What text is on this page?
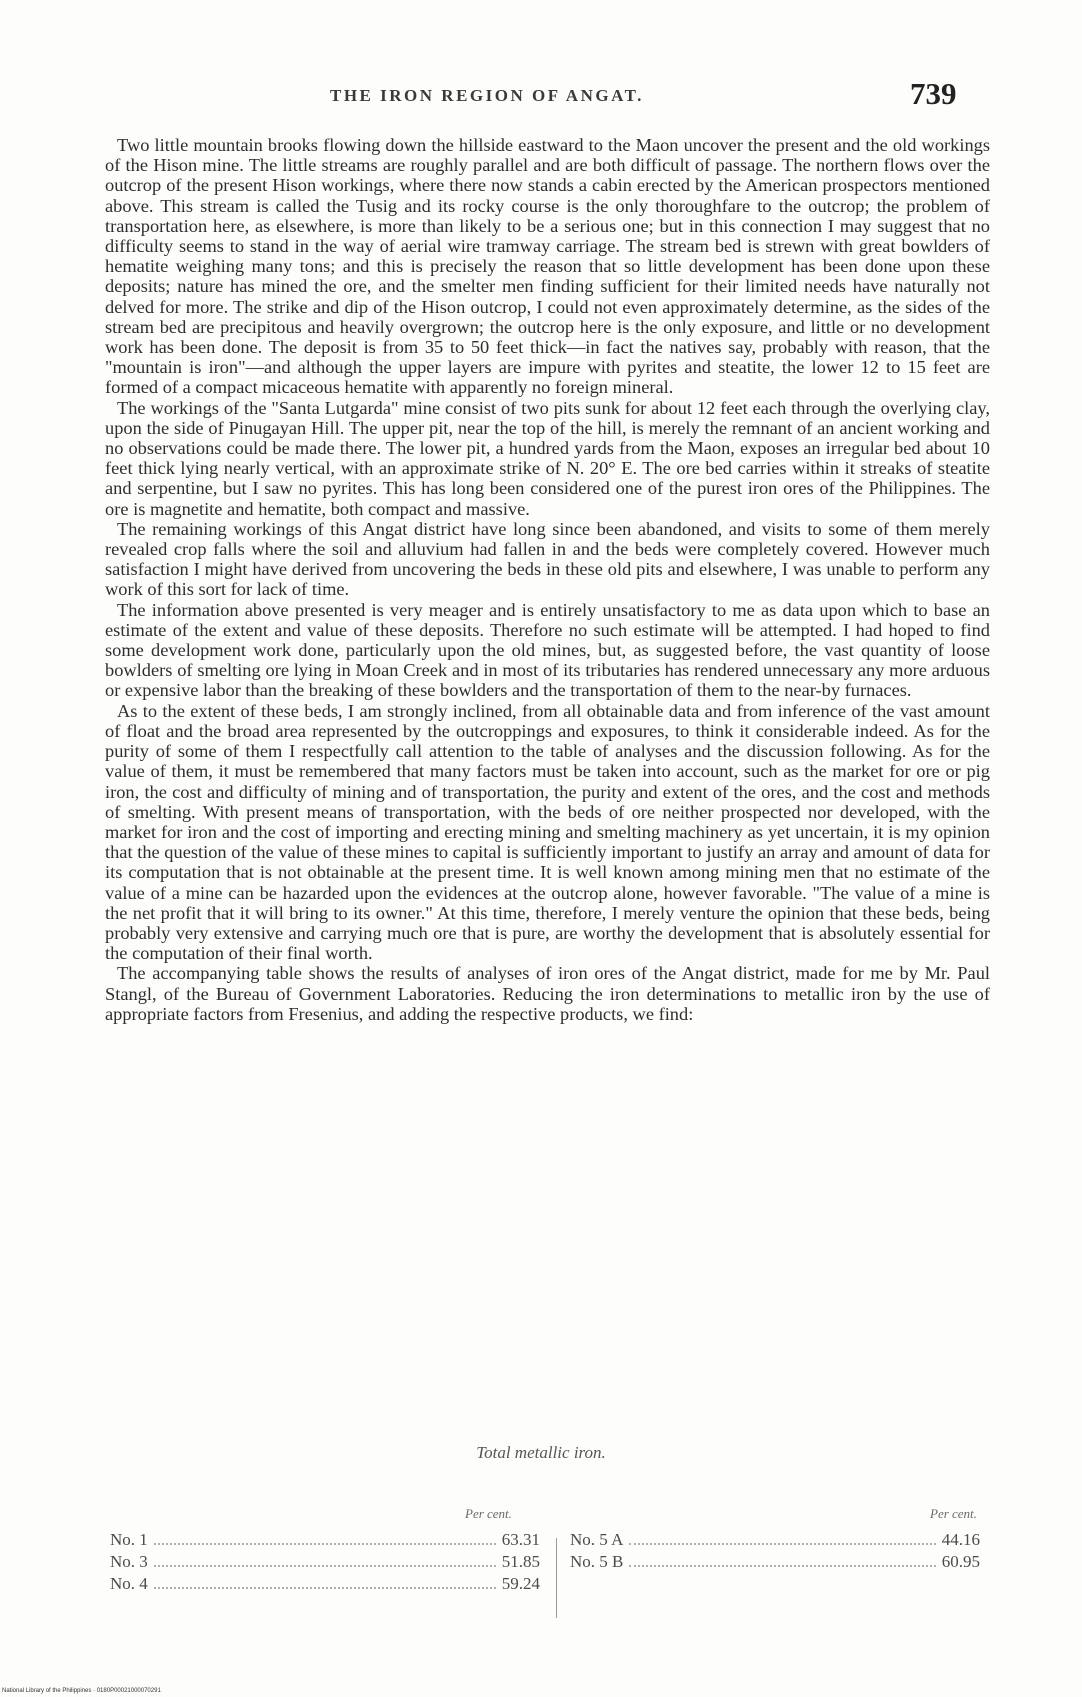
THE IRON REGION OF ANGAT.	739

Two little mountain brooks flowing down the hillside eastward to the Maon uncover the present and the old workings of the Hison mine. The little streams are roughly parallel and are both difficult of passage. The northern flows over the outcrop of the present Hison workings, where there now stands a cabin erected by the American prospectors mentioned above. This stream is called the Tusig and its rocky course is the only thoroughfare to the outcrop; the problem of transportation here, as elsewhere, is more than likely to be a serious one; but in this connection I may suggest that no difficulty seems to stand in the way of aerial wire tramway carriage. The stream bed is strewn with great bowlders of hematite weighing many tons; and this is precisely the reason that so little development has been done upon these deposits; nature has mined the ore, and the smelter men finding sufficient for their limited needs have naturally not delved for more. The strike and dip of the Hison outcrop, I could not even approximately determine, as the sides of the stream bed are precipitous and heavily overgrown; the outcrop here is the only exposure, and little or no development work has been done. The deposit is from 35 to 50 feet thick—in fact the natives say, probably with reason, that the "mountain is iron"—and although the upper layers are impure with pyrites and steatite, the lower 12 to 15 feet are formed of a compact micaceous hematite with apparently no foreign mineral.

The workings of the "Santa Lutgarda" mine consist of two pits sunk for about 12 feet each through the overlying clay, upon the side of Pinugayan Hill. The upper pit, near the top of the hill, is merely the remnant of an ancient working and no observations could be made there. The lower pit, a hundred yards from the Maon, exposes an irregular bed about 10 feet thick lying nearly vertical, with an approximate strike of N. 20° E. The ore bed carries within it streaks of steatite and serpentine, but I saw no pyrites. This has long been considered one of the purest iron ores of the Philippines. The ore is magnetite and hematite, both compact and massive.

The remaining workings of this Angat district have long since been abandoned, and visits to some of them merely revealed crop falls where the soil and alluvium had fallen in and the beds were completely covered. However much satisfaction I might have derived from uncovering the beds in these old pits and elsewhere, I was unable to perform any work of this sort for lack of time.

The information above presented is very meager and is entirely unsatisfactory to me as data upon which to base an estimate of the extent and value of these deposits. Therefore no such estimate will be attempted. I had hoped to find some development work done, particularly upon the old mines, but, as suggested before, the vast quantity of loose bowlders of smelting ore lying in Moan Creek and in most of its tributaries has rendered unnecessary any more arduous or expensive labor than the breaking of these bowlders and the transportation of them to the near-by furnaces.

As to the extent of these beds, I am strongly inclined, from all obtainable data and from inference of the vast amount of float and the broad area represented by the outcroppings and exposures, to think it considerable indeed. As for the purity of some of them I respectfully call attention to the table of analyses and the discussion following. As for the value of them, it must be remembered that many factors must be taken into account, such as the market for ore or pig iron, the cost and difficulty of mining and of transportation, the purity and extent of the ores, and the cost and methods of smelting. With present means of transportation, with the beds of ore neither prospected nor developed, with the market for iron and the cost of importing and erecting mining and smelting machinery as yet uncertain, it is my opinion that the question of the value of these mines to capital is sufficiently important to justify an array and amount of data for its computation that is not obtainable at the present time. It is well known among mining men that no estimate of the value of a mine can be hazarded upon the evidences at the outcrop alone, however favorable. "The value of a mine is the net profit that it will bring to its owner." At this time, therefore, I merely venture the opinion that these beds, being probably very extensive and carrying much ore that is pure, are worthy the development that is absolutely essential for the computation of their final worth.

The accompanying table shows the results of analyses of iron ores of the Angat district, made for me by Mr. Paul Stangl, of the Bureau of Government Laboratories. Reducing the iron determinations to metallic iron by the use of appropriate factors from Fresenius, and adding the respective products, we find:

Total metallic iron.
Per cent.
No. 1	63.31
No. 3	51.85
No. 4	59.24
Per cent.
No. 5 A	44.16
No. 5 B	60.95
National Library of the Philippines · 0180P00021000070291
